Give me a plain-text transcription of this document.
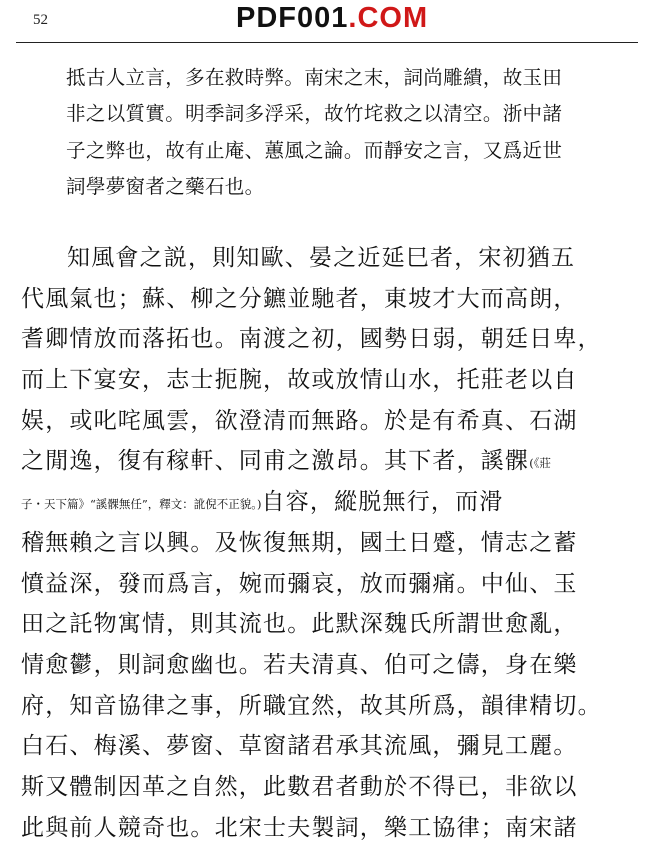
52	PDF001.COM
抵古人立言，多在救時弊。南宋之末，詞尚雕繢，故玉田
非之以質實。明季詞多浮采，故竹垞救之以清空。浙中諸
子之弊也，故有止庵、蕙風之論。而靜安之言，又爲近世
詞學夢窗者之藥石也。
知風會之説，則知歐、晏之近延巳者，宋初猶五
代風氣也；蘇、柳之分鑣並馳者，東坡才大而高朗，
耆卿情放而落拓也。南渡之初，國勢日弱，朝廷日卑，
而上下宴安，志士扼腕，故或放情山水，托莊老以自
娱，或叱咤風雲，欲澄清而無路。於是有希真、石湖
之閒逸，復有稼軒、同甫之激昂。其下者，謑髁(《莊
子・天下篇》“謑髁無任”，釋文：訛倪不正貌。)自容，縱脱無行，而滑
稽無賴之言以興。及恢復無期，國土日蹙，情志之蓄
憤益深，發而爲言，婉而彌哀，放而彌痛。中仙、玉
田之託物寓情，則其流也。此默深魏氏所謂世愈亂，
情愈鬱，則詞愈幽也。若夫清真、伯可之儔，身在樂
府，知音協律之事，所職宜然，故其所爲，韻律精切。
白石、梅溪、夢窗、草窗諸君承其流風，彌見工麗。
斯又體制因革之自然，此數君者動於不得已，非欲以
此與前人競奇也。北宋士夫製詞，樂工協律；南宋諸
